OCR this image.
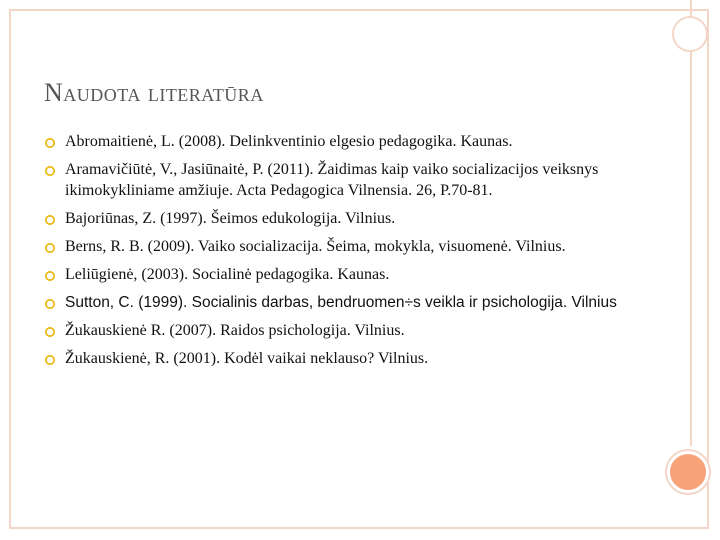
Naudota literatūra
Abromaitienė, L. (2008). Delinkventinio elgesio pedagogika. Kaunas.
Aramavičiūtė, V., Jasiūnaitė, P. (2011). Žaidimas kaip vaiko socializacijos veiksnys ikimokykliniame amžiuje. Acta Pedagogica Vilnensia. 26, P.70-81.
Bajoriūnas, Z. (1997). Šeimos edukologija. Vilnius.
Berns, R. B. (2009). Vaiko socializacija. Šeima, mokykla, visuomenė. Vilnius.
Leliūgienė, (2003). Socialinė pedagogika. Kaunas.
Sutton, C. (1999). Socialinis darbas, bendruomen÷s veikla ir psichologija. Vilnius
Žukauskienė R. (2007). Raidos psichologija. Vilnius.
Žukauskienė, R. (2001). Kodėl vaikai neklauso? Vilnius.
